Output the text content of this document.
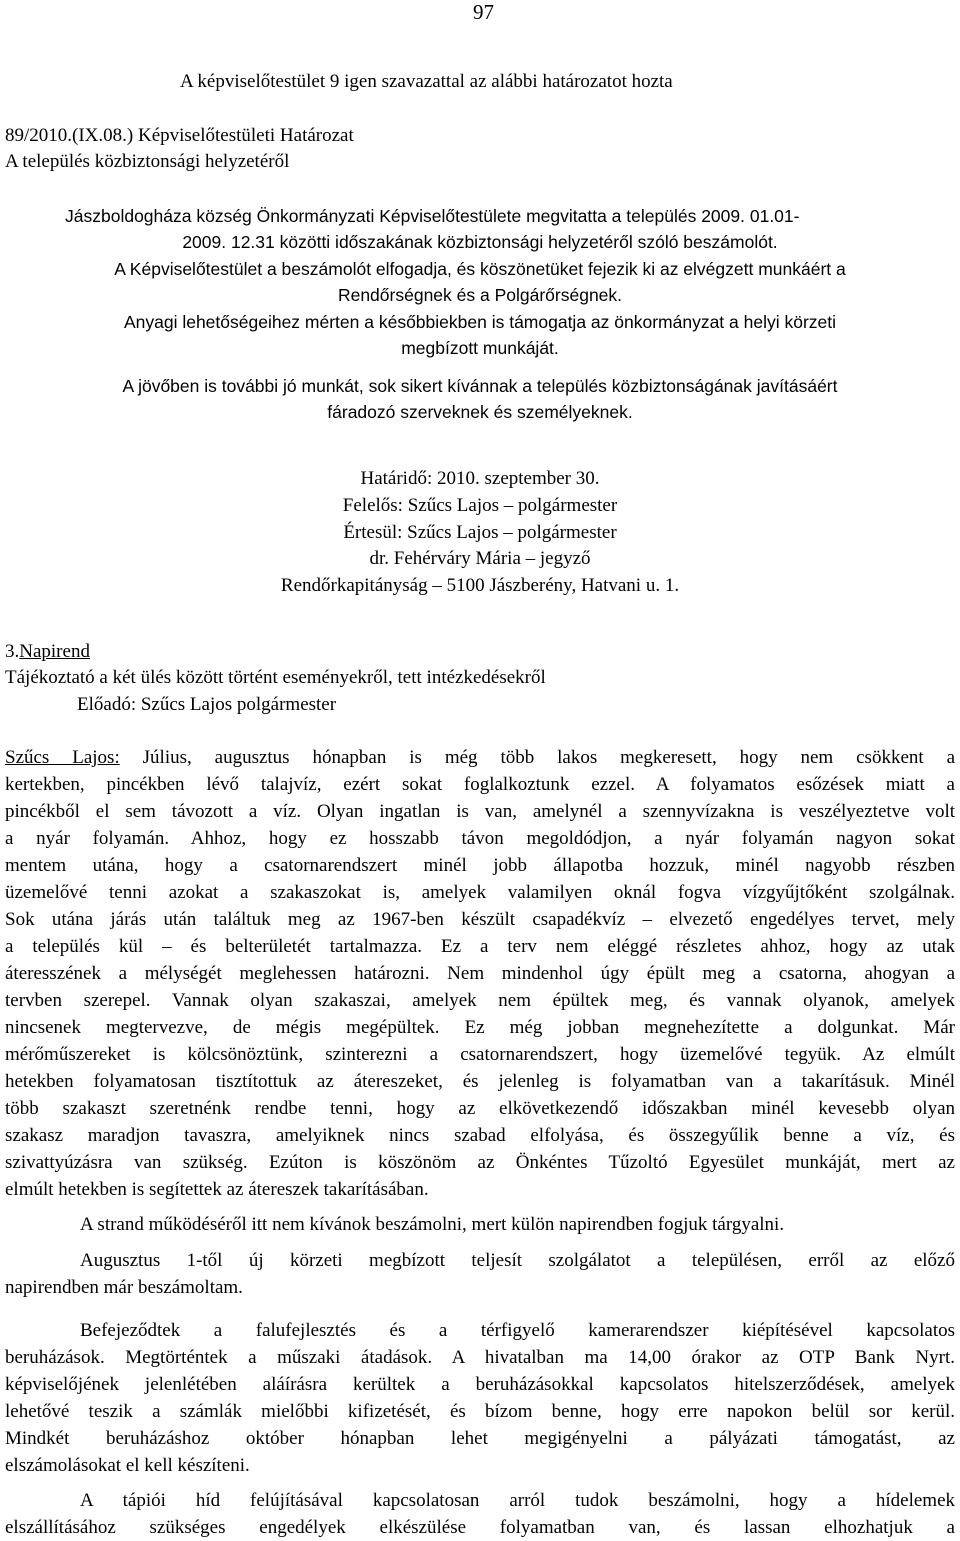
97
A képviselőtestület 9 igen szavazattal az alábbi határozatot hozta
89/2010.(IX.08.) Képviselőtestületi Határozat
A település közbiztonsági helyzetéről
Jászboldogháza község Önkormányzati Képviselőtestülete megvitatta a település 2009. 01.01-
2009. 12.31 közötti időszakának közbiztonsági helyzetéről szóló beszámolót.
A Képviselőtestület a beszámolót elfogadja, és köszönetüket fejezik ki az elvégzett munkáért a
Rendőrségnek és a Polgárőrségnek.
Anyagi lehetőségeihez mérten a későbbiekben is támogatja az önkormányzat a helyi körzeti
megbízott munkáját.
A jövőben is további jó munkát, sok sikert kívánnak a település közbiztonságának javításáért
fáradozó szerveknek és személyeknek.
Határidő: 2010. szeptember 30.
Felelős: Szűcs Lajos – polgármester
Értesül: Szűcs Lajos – polgármester
dr. Fehérváry Mária – jegyző
Rendőrkapitányság – 5100 Jászberény, Hatvani u. 1.
3.Napirend
Tájékoztató a két ülés között történt eseményekről, tett intézkedésekről
Előadó: Szűcs Lajos polgármester
Szűcs Lajos: Július, augusztus hónapban is még több lakos megkeresett, hogy nem csökkent a
kertekben, pincékben lévő talajvíz, ezért sokat foglalkoztunk ezzel. A folyamatos esőzések miatt a
pincékből el sem távozott a víz. Olyan ingatlan is van, amelynél a szennyvízakna is veszélyeztetve volt
a nyár folyamán. Ahhoz, hogy ez hosszabb távon megoldódjon, a nyár folyamán nagyon sokat
mentem utána, hogy a csatornarendszert minél jobb állapotba hozzuk, minél nagyobb részben
üzemelővé tenni azokat a szakaszokat is, amelyek valamilyen oknál fogva vízgyűjtőként szolgálnak.
Sok utána járás után találtuk meg az 1967-ben készült csapadékvíz – elvezető engedélyes tervet, mely
a település kül – és belterületét tartalmazza. Ez a terv nem eléggé részletes ahhoz, hogy az utak
áteresszének a mélységét meglehessen határozni. Nem mindenhol úgy épült meg a csatorna, ahogyan a
tervben szerepel. Vannak olyan szakaszai, amelyek nem épültek meg, és vannak olyanok, amelyek
nincsenek megtervezve, de mégis megépültek. Ez még jobban megnehezítette a dolgunkat. Már
mérőműszereket is kölcsönöztünk, szinterezni a csatornarendszert, hogy üzemelővé tegyük. Az elmúlt
hetekben folyamatosan tisztítottuk az átereszeket, és jelenleg is folyamatban van a takarításuk. Minél
több szakaszt szeretnénk rendbe tenni, hogy az elkövetkezendő időszakban minél kevesebb olyan
szakasz maradjon tavaszra, amelyiknek nincs szabad elfolyása, és összegyűlik benne a víz, és
szivattyúzásra van szükség. Ezúton is köszönöm az Önkéntes Tűzoltó Egyesület munkáját, mert az
elmúlt hetekben is segítettek az átereszek takarításában.
A strand működéséről itt nem kívánok beszámolni, mert külön napirendben fogjuk tárgyalni.
Augusztus 1-től új körzeti megbízott teljesít szolgálatot a településen, erről az előző
napirendben már beszámoltam.
Befejeződtek a falufejlesztés és a térfigyelő kamerarendszer kiépítésével kapcsolatos
beruházások. Megtörténtek a műszaki átadások. A hivatalban ma 14,00 órakor az OTP Bank Nyrt.
képviselőjének jelenlétében aláírásra kerültek a beruházásokkal kapcsolatos hitelszerződések, amelyek
lehetővé teszik a számlák mielőbbi kifizetését, és bízom benne, hogy erre napokon belül sor kerül.
Mindkét beruházáshoz október hónapban lehet megigényelni a pályázati támogatást, az
elszámolásokat el kell készíteni.
A tápiói híd felújításával kapcsolatosan arról tudok beszámolni, hogy a hídelemek
elszállításához szükséges engedélyek elkészülése folyamatban van, és lassan elhozhatjuk a
